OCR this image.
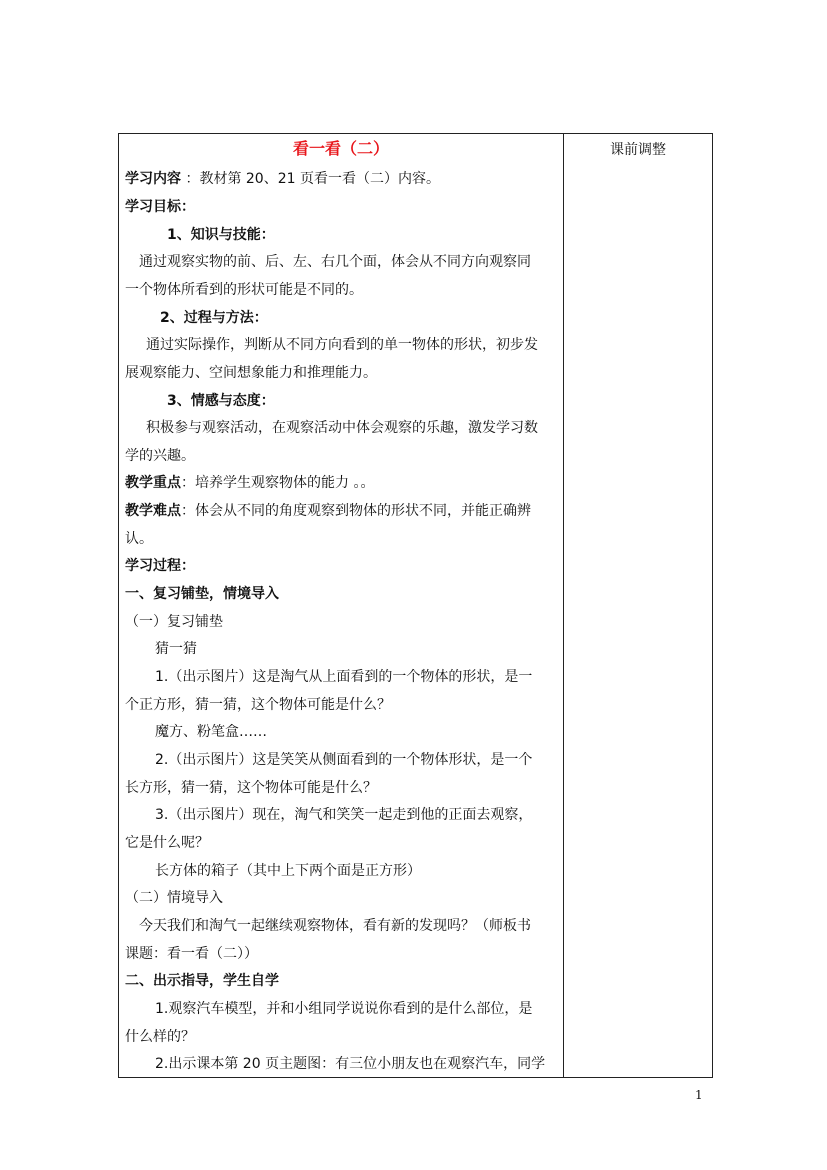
看一看（二）
学习内容 ：教材第 20、21 页看一看（二）内容。
学习目标：
1、知识与技能：
通过观察实物的前、后、左、右几个面，体会从不同方向观察同
一个物体所看到的形状可能是不同的。
2、过程与方法：
通过实际操作，判断从不同方向看到的单一物体的形状，初步发
展观察能力、空间想象能力和推理能力。
3、情感与态度：
积极参与观察活动，在观察活动中体会观察的乐趣，激发学习数
学的兴趣。
教学重点：培养学生观察物体的能力 。。
教学难点：体会从不同的角度观察到物体的形状不同，并能正确辨
认。
学习过程：
一、复习铺垫，情境导入
（一）复习铺垫
猜一猜
1.（出示图片）这是淘气从上面看到的一个物体的形状，是一
个正方形，猜一猜，这个物体可能是什么？
魔方、粉笔盒……
2.（出示图片）这是笑笑从侧面看到的一个物体形状，是一个
长方形，猜一猜，这个物体可能是什么？
3.（出示图片）现在，淘气和笑笑一起走到他的正面去观察，
它是什么呢？
长方体的箱子（其中上下两个面是正方形）
（二）情境导入
今天我们和淘气一起继续观察物体，看有新的发现吗？（师板书
课题：看一看（二））
二、出示指导，学生自学
1.观察汽车模型，并和小组同学说说你看到的是什么部位，是
什么样的？
2.出示课本第 20 页主题图：有三位小朋友也在观察汽车，同学
课前调整
1
